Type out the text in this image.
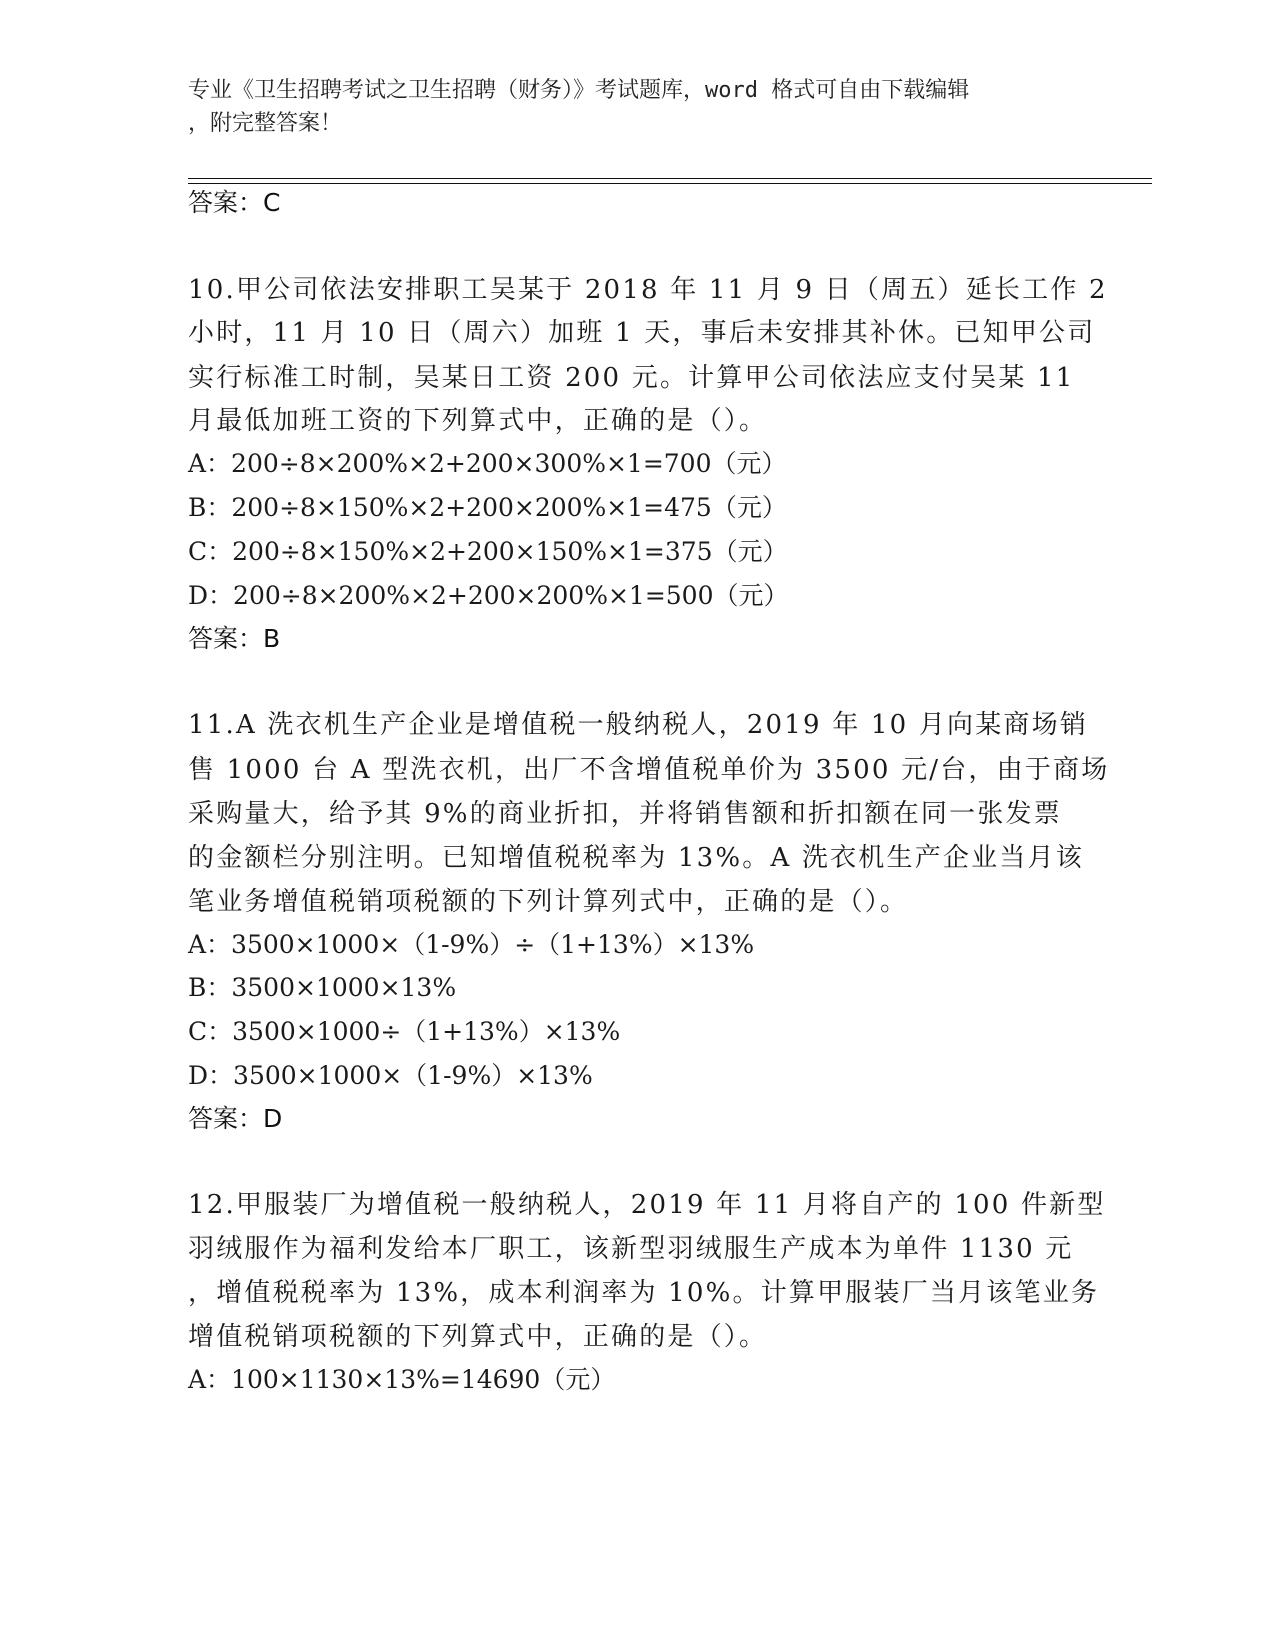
专业《卫生招聘考试之卫生招聘（财务）》考试题库，word 格式可自由下载编辑
，附完整答案！
答案：C
10.甲公司依法安排职工吴某于 2018 年 11 月 9 日（周五）延长工作 2
小时，11 月 10 日（周六）加班 1 天，事后未安排其补休。已知甲公司
实行标准工时制，吴某日工资 200 元。计算甲公司依法应支付吴某 11
月最低加班工资的下列算式中，正确的是（）。
A：200÷8×200%×2+200×300%×1=700（元）
B：200÷8×150%×2+200×200%×1=475（元）
C：200÷8×150%×2+200×150%×1=375（元）
D：200÷8×200%×2+200×200%×1=500（元）
答案：B
11.A 洗衣机生产企业是增值税一般纳税人，2019 年 10 月向某商场销
售 1000 台 A 型洗衣机，出厂不含增值税单价为 3500 元/台，由于商场
采购量大，给予其 9%的商业折扣，并将销售额和折扣额在同一张发票
的金额栏分别注明。已知增值税税率为 13%。A 洗衣机生产企业当月该
笔业务增值税销项税额的下列计算列式中，正确的是（）。
A：3500×1000×（1-9%）÷（1+13%）×13%
B：3500×1000×13%
C：3500×1000÷（1+13%）×13%
D：3500×1000×（1-9%）×13%
答案：D
12.甲服装厂为增值税一般纳税人，2019 年 11 月将自产的 100 件新型
羽绒服作为福利发给本厂职工，该新型羽绒服生产成本为单件 1130 元
，增值税税率为 13%，成本利润率为 10%。计算甲服装厂当月该笔业务
增值税销项税额的下列算式中，正确的是（）。
A：100×1130×13%=14690（元）
